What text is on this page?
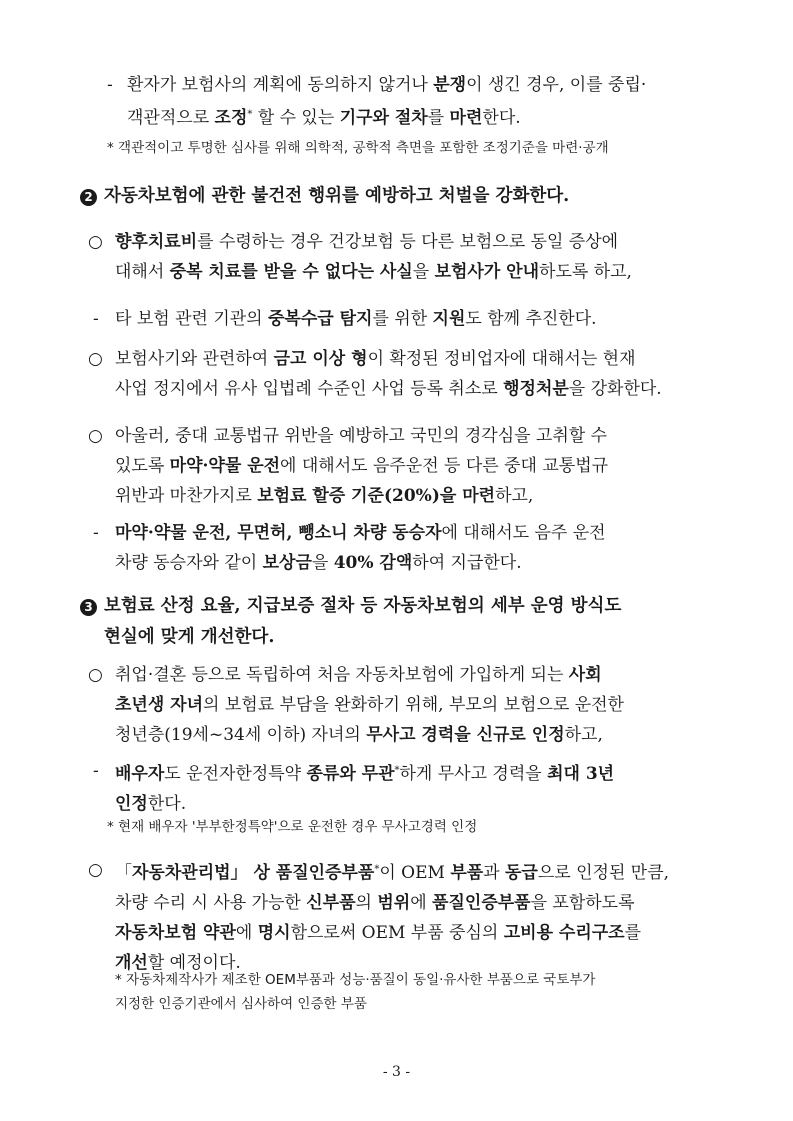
- 환자가 보험사의 계획에 동의하지 않거나 분쟁이 생긴 경우, 이를 중립·
객관적으로 조정* 할 수 있는 기구와 절차를 마련한다.
* 객관적이고 투명한 심사를 위해 의학적, 공학적 측면을 포함한 조정기준을 마련·공개
2 자동차보험에 관한 불건전 행위를 예방하고 처벌을 강화한다.
○ 향후치료비를 수령하는 경우 건강보험 등 다른 보험으로 동일 증상에
대해서 중복 치료를 받을 수 없다는 사실을 보험사가 안내하도록 하고,
- 타 보험 관련 기관의 중복수급 탐지를 위한 지원도 함께 추진한다.
○ 보험사기와 관련하여 금고 이상 형이 확정된 정비업자에 대해서는 현재
사업 정지에서 유사 입법례 수준인 사업 등록 취소로 행정처분을 강화한다.
○ 아울러, 중대 교통법규 위반을 예방하고 국민의 경각심을 고취할 수
있도록 마약·약물 운전에 대해서도 음주운전 등 다른 중대 교통법규
위반과 마찬가지로 보험료 할증 기준(20%)을 마련하고,
- 마약·약물 운전, 무면허, 뺑소니 차량 동승자에 대해서도 음주 운전
차량 동승자와 같이 보상금을 40% 감액하여 지급한다.
3 보험료 산정 요율, 지급보증 절차 등 자동차보험의 세부 운영 방식도
현실에 맞게 개선한다.
○ 취업·결혼 등으로 독립하여 처음 자동차보험에 가입하게 되는 사회
초년생 자녀의 보험료 부담을 완화하기 위해, 부모의 보험으로 운전한
청년층(19세~34세 이하) 자녀의 무사고 경력을 신규로 인정하고,
- 배우자도 운전자한정특약 종류와 무관*하게 무사고 경력을 최대 3년
인정한다.
* 현재 배우자 '부부한정특약'으로 운전한 경우 무사고경력 인정
○ 「자동차관리법」 상 품질인증부품*이 OEM 부품과 동급으로 인정된 만큼,
차량 수리 시 사용 가능한 신부품의 범위에 품질인증부품을 포함하도록
자동차보험 약관에 명시함으로써 OEM 부품 중심의 고비용 수리구조를
개선할 예정이다.
* 자동차제작사가 제조한 OEM부품과 성능·품질이 동일·유사한 부품으로 국토부가
지정한 인증기관에서 심사하여 인증한 부품
- 3 -
